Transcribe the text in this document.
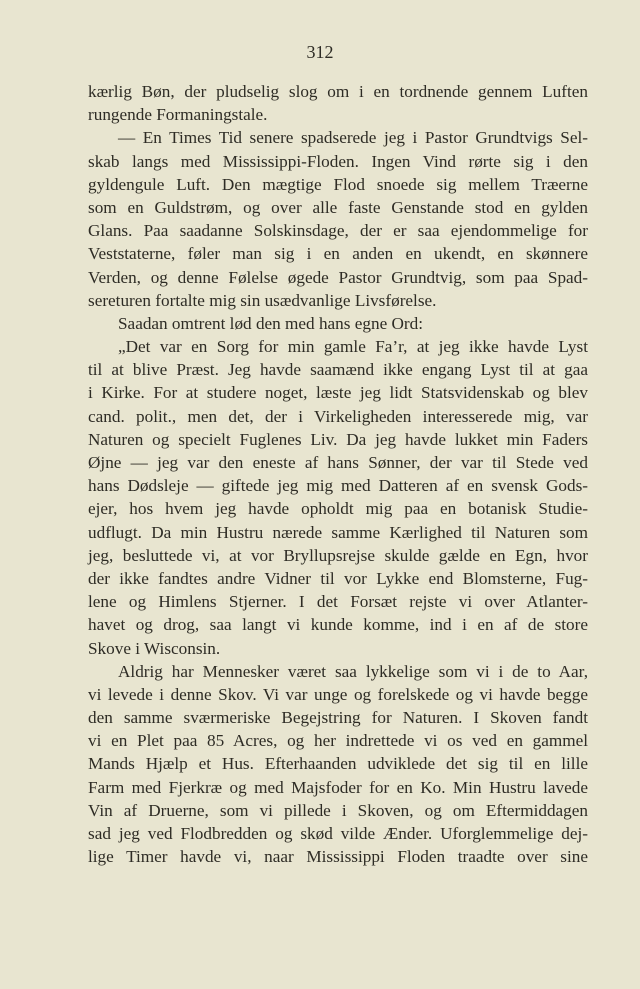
312
kærlig Bøn, der pludselig slog om i en tordnende gennem Luften
rungende Formaningstale.
— En Times Tid senere spadserede jeg i Pastor Grundtvigs Sel-
skab langs med Mississippi-Floden. Ingen Vind rørte sig i den
gyldengule Luft. Den mægtige Flod snoede sig mellem Træerne
som en Guldstrøm, og over alle faste Genstande stod en gylden
Glans. Paa saadanne Solskinsdage, der er saa ejendommelige for
Veststaterne, føler man sig i en anden en ukendt, en skønnere
Verden, og denne Følelse øgede Pastor Grundtvig, som paa Spad-
sereturen fortalte mig sin usædvanlige Livsførelse.
Saadan omtrent lød den med hans egne Ord:
„Det var en Sorg for min gamle Fa’r, at jeg ikke havde Lyst
til at blive Præst. Jeg havde saamænd ikke engang Lyst til at gaa
i Kirke. For at studere noget, læste jeg lidt Statsvidenskab og blev
cand. polit., men det, der i Virkeligheden interesserede mig, var
Naturen og specielt Fuglenes Liv. Da jeg havde lukket min Faders
Øjne — jeg var den eneste af hans Sønner, der var til Stede ved
hans Dødsleje — giftede jeg mig med Datteren af en svensk Gods-
ejer, hos hvem jeg havde opholdt mig paa en botanisk Studie-
udflugt. Da min Hustru nærede samme Kærlighed til Naturen som
jeg, besluttede vi, at vor Bryllupsrejse skulde gælde en Egn, hvor
der ikke fandtes andre Vidner til vor Lykke end Blomsterne, Fug-
lene og Himlens Stjerner. I det Forsæt rejste vi over Atlanter-
havet og drog, saa langt vi kunde komme, ind i en af de store
Skove i Wisconsin.
Aldrig har Mennesker været saa lykkelige som vi i de to Aar,
vi levede i denne Skov. Vi var unge og forelskede og vi havde begge
den samme sværmeriske Begejstring for Naturen. I Skoven fandt
vi en Plet paa 85 Acres, og her indrettede vi os ved en gammel
Mands Hjælp et Hus. Efterhaanden udviklede det sig til en lille
Farm med Fjerkræ og med Majsfoder for en Ko. Min Hustru lavede
Vin af Druerne, som vi pillede i Skoven, og om Eftermiddagen
sad jeg ved Flodbredden og skød vilde Ænder. Uforglemmelige dej-
lige Timer havde vi, naar Mississippi Floden traadte over sine
